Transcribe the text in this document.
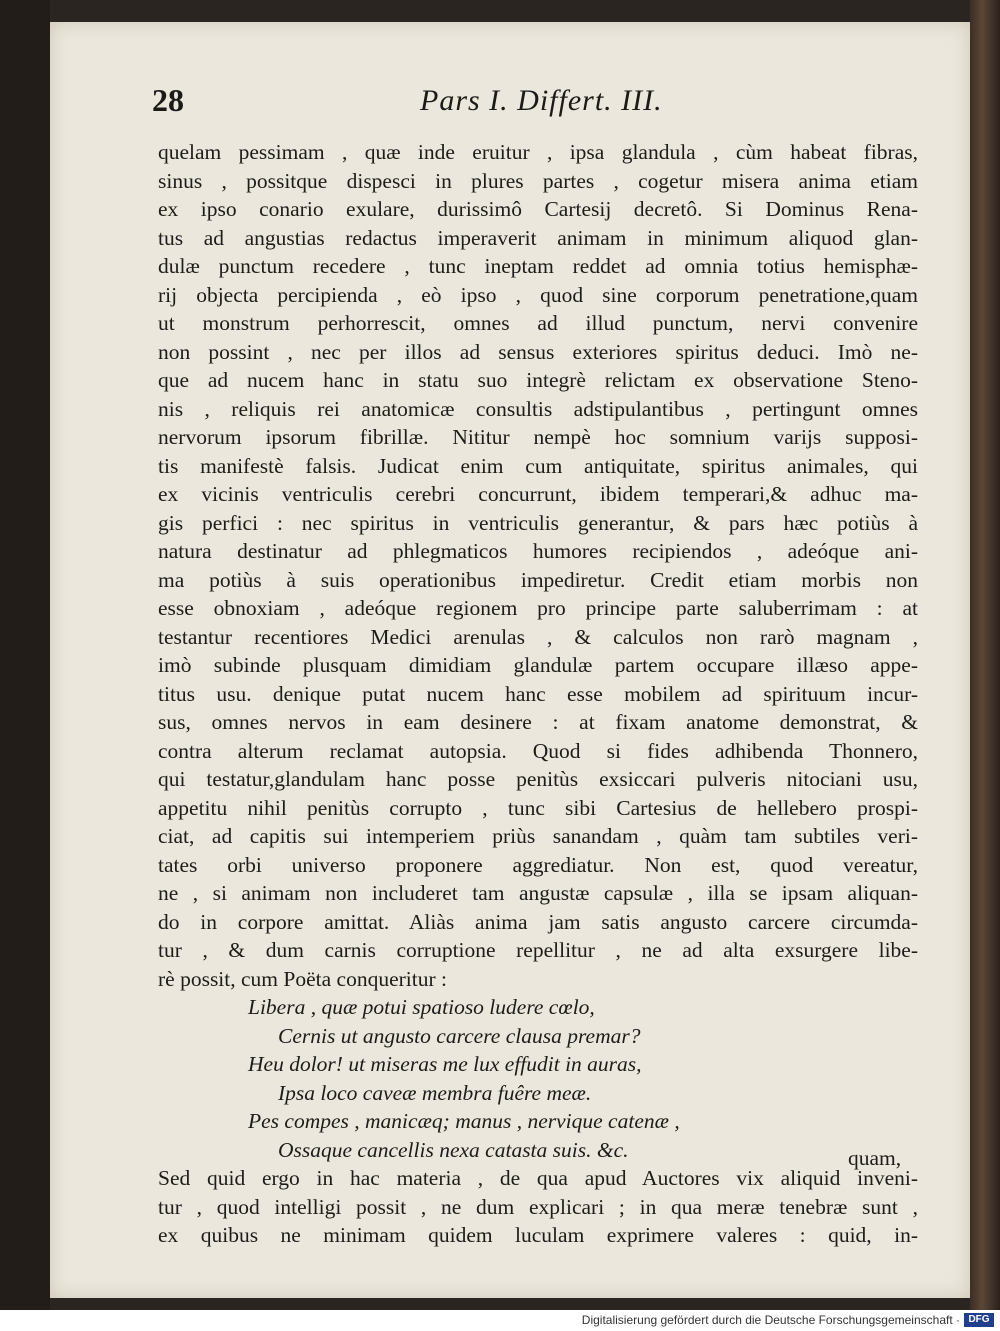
28	Pars I. Differt. III.
quelam pessimam , quæ inde eruitur , ipsa glandula , cùm habeat fibras,
sinus , possitque dispesci in plures partes , cogetur misera anima etiam
ex ipso conario exulare, durissimô Cartesij decretô. Si Dominus Rena-
tus ad angustias redactus imperaverit animam in minimum aliquod glan-
dulæ punctum recedere , tunc ineptam reddet ad omnia totius hemisphæ-
rij objecta percipienda , eò ipso , quod sine corporum penetratione,quam
ut monstrum perhorrescit, omnes ad illud punctum, nervi convenire
non possint , nec per illos ad sensus exteriores spiritus deduci. Imò ne-
que ad nucem hanc in statu suo integrè relictam ex observatione Steno-
nis , reliquis rei anatomicæ consultis adstipulantibus , pertingunt omnes
nervorum ipsorum fibrillæ. Nititur nempè hoc somnium varijs supposi-
tis manifestè falsis. Judicat enim cum antiquitate, spiritus animales, qui
ex vicinis ventriculis cerebri concurrunt, ibidem temperari,& adhuc ma-
gis perfici : nec spiritus in ventriculis generantur, & pars hæc potiùs à
natura destinatur ad phlegmaticos humores recipiendos , adeóque ani-
ma potiùs à suis operationibus impediretur. Credit etiam morbis non
esse obnoxiam , adeóque regionem pro principe parte saluberrimam : at
testantur recentiores Medici arenulas , & calculos non rarò magnam ,
imò subinde plusquam dimidiam glandulæ partem occupare illæso appe-
titus usu. denique putat nucem hanc esse mobilem ad spirituum incur-
sus, omnes nervos in eam desinere : at fixam anatome demonstrat, &
contra alterum reclamat autopsia. Quod si fides adhibenda Thonnero,
qui testatur,glandulam hanc posse penitùs exsiccari pulveris nitociani usu,
appetitu nihil penitùs corrupto , tunc sibi Cartesius de hellebero prospi-
ciat, ad capitis sui intemperiem priùs sanandam , quàm tam subtiles veri-
tates orbi universo proponere aggrediatur. Non est, quod vereatur,
ne , si animam non includeret tam angustæ capsulæ , illa se ipsam aliquan-
do in corpore amittat. Aliàs anima jam satis angusto carcere circumda-
tur , & dum carnis corruptione repellitur , ne ad alta exsurgere libe-
rè possit, cum Poëta conqueritur :
Libera , quæ potui spatioso ludere cœlo,
Cernis ut angusto carcere clausa premar?
Heu dolor! ut miseras me lux effudit in auras,
Ipsa loco caveæ membra fuêre meæ.
Pes compes , manicæq; manus , nervique catenæ ,
Ossaque cancellis nexa catasta suis. &c.
Sed quid ergo in hac materia , de qua apud Auctores vix aliquid inveni-
tur , quod intelligi possit , ne dum explicari ; in qua meræ tenebræ sunt ,
ex quibus ne minimam quidem luculam exprimere valeres : quid, in-
quam,
Digitalisierung gefördert durch die Deutsche Forschungsgemeinschaft · DFG
